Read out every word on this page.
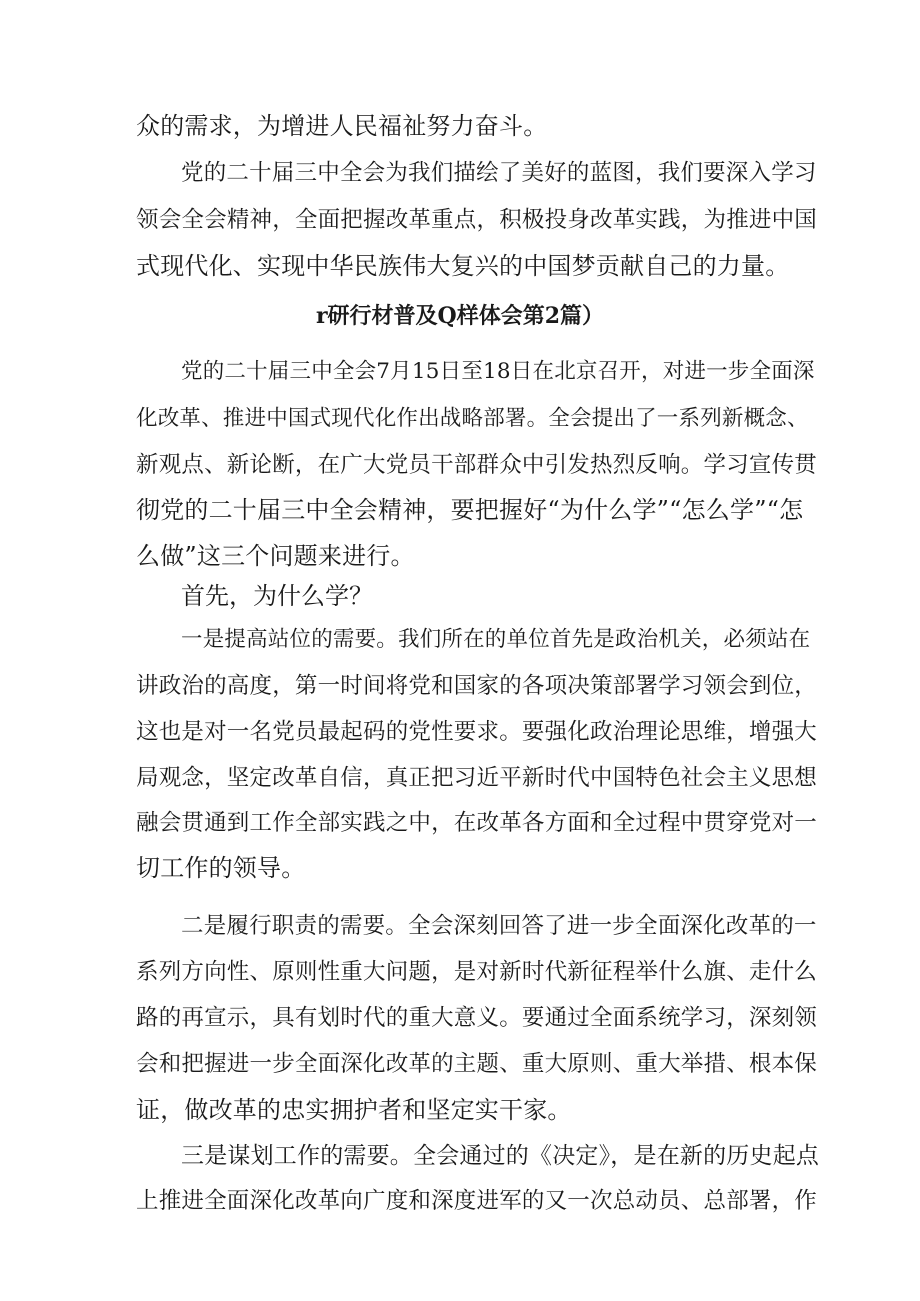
众的需求，为增进人民福祉努力奋斗。
党的二十届三中全会为我们描绘了美好的蓝图，我们要深入学习
领会全会精神，全面把握改革重点，积极投身改革实践，为推进中国
式现代化、实现中华民族伟大复兴的中国梦贡献自己的力量。
r研行材普及Q样体会第2篇）
党的二十届三中全会7月15日至18日在北京召开，对进一步全面深
化改革、推进中国式现代化作出战略部署。全会提出了一系列新概念、
新观点、新论断，在广大党员干部群众中引发热烈反响。学习宣传贯
彻党的二十届三中全会精神，要把握好“为什么学”“怎么学”“怎
么做”这三个问题来进行。
首先，为什么学？
一是提高站位的需要。我们所在的单位首先是政治机关，必须站在
讲政治的高度，第一时间将党和国家的各项决策部署学习领会到位，
这也是对一名党员最起码的党性要求。要强化政治理论思维，增强大
局观念，坚定改革自信，真正把习近平新时代中国特色社会主义思想
融会贯通到工作全部实践之中，在改革各方面和全过程中贯穿党对一
切工作的领导。
二是履行职责的需要。全会深刻回答了进一步全面深化改革的一
系列方向性、原则性重大问题，是对新时代新征程举什么旗、走什么
路的再宣示，具有划时代的重大意义。要通过全面系统学习，深刻领
会和把握进一步全面深化改革的主题、重大原则、重大举措、根本保
证，做改革的忠实拥护者和坚定实干家。
三是谋划工作的需要。全会通过的《决定》，是在新的历史起点
上推进全面深化改革向广度和深度进军的又一次总动员、总部署，作
